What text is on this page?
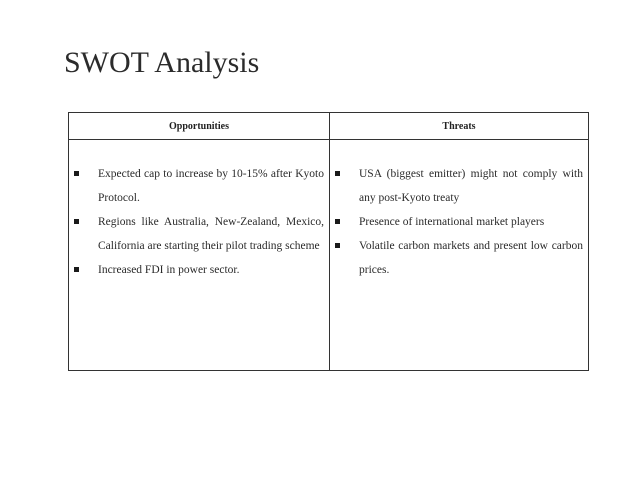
SWOT Analysis
Opportunities	Threats
Expected cap to increase by 10-15% after Kyoto Protocol.
Regions like Australia, New-Zealand, Mexico, California are starting their pilot trading scheme
Increased FDI in power sector.
USA (biggest emitter) might not comply with any post-Kyoto treaty
Presence of international market players
Volatile carbon markets and present low carbon prices.
